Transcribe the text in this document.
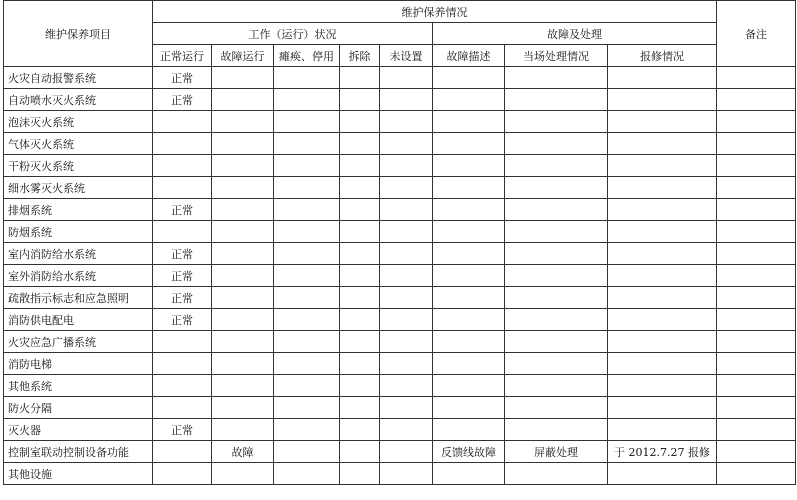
维护保养项目	维护保养情况								备注
	工作（运行）状况					故障及处理			
	正常运行	故障运行	瘫痪、停用	拆除	未设置	故障描述	当场处理情况	报修情况	
火灾自动报警系统	正常								
自动喷水灭火系统	正常								
泡沫灭火系统									
气体灭火系统									
干粉灭火系统									
细水雾灭火系统									
排烟系统	正常								
防烟系统									
室内消防给水系统	正常								
室外消防给水系统	正常								
疏散指示标志和应急照明	正常								
消防供电配电	正常								
火灾应急广播系统									
消防电梯									
其他系统									
防火分隔									
灭火器	正常								
控制室联动控制设备功能		故障				反馈线故障	屏蔽处理	于 2012.7.27 报修	
其他设施									
